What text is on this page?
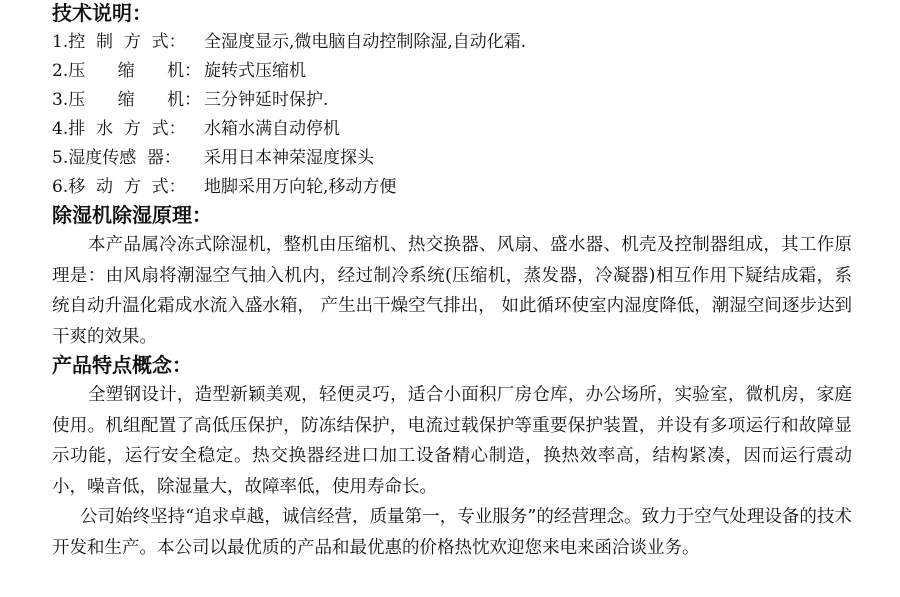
技术说明：
1.控  制  方  式：	全湿度显示,微电脑自动控制除湿,自动化霜.
2.压      缩      机： 旋转式压缩机
3.压      缩      机： 三分钟延时保护.
4.排  水  方  式：	水箱水满自动停机
5.湿度传感  器：	采用日本神荣湿度探头
6.移  动  方  式：	地脚采用万向轮,移动方便
除湿机除湿原理：

本产品属冷冻式除湿机，整机由压缩机、热交换器、风扇、盛水器、机壳及控制器组成，其工作原理是：由风扇将潮湿空气抽入机内，经过制冷系统(压缩机，蒸发器，冷凝器)相互作用下疑结成霜，系统自动升温化霜成水流入盛水箱， 产生出干燥空气排出， 如此循环使室内湿度降低，潮湿空间逐步达到干爽的效果。

产品特点概念：

全塑钢设计，造型新颖美观，轻便灵巧，适合小面积厂房仓库，办公场所，实验室，微机房，家庭使用。机组配置了高低压保护，防冻结保护，电流过载保护等重要保护装置，并设有多项运行和故障显示功能，运行安全稳定。热交换器经进口加工设备精心制造，换热效率高，结构紧凑，因而运行震动小，噪音低，除湿量大，故障率低，使用寿命长。

公司始终坚持“追求卓越，诚信经营，质量第一，专业服务”的经营理念。致力于空气处理设备的技术开发和生产。本公司以最优质的产品和最优惠的价格热忱欢迎您来电来函洽谈业务。
